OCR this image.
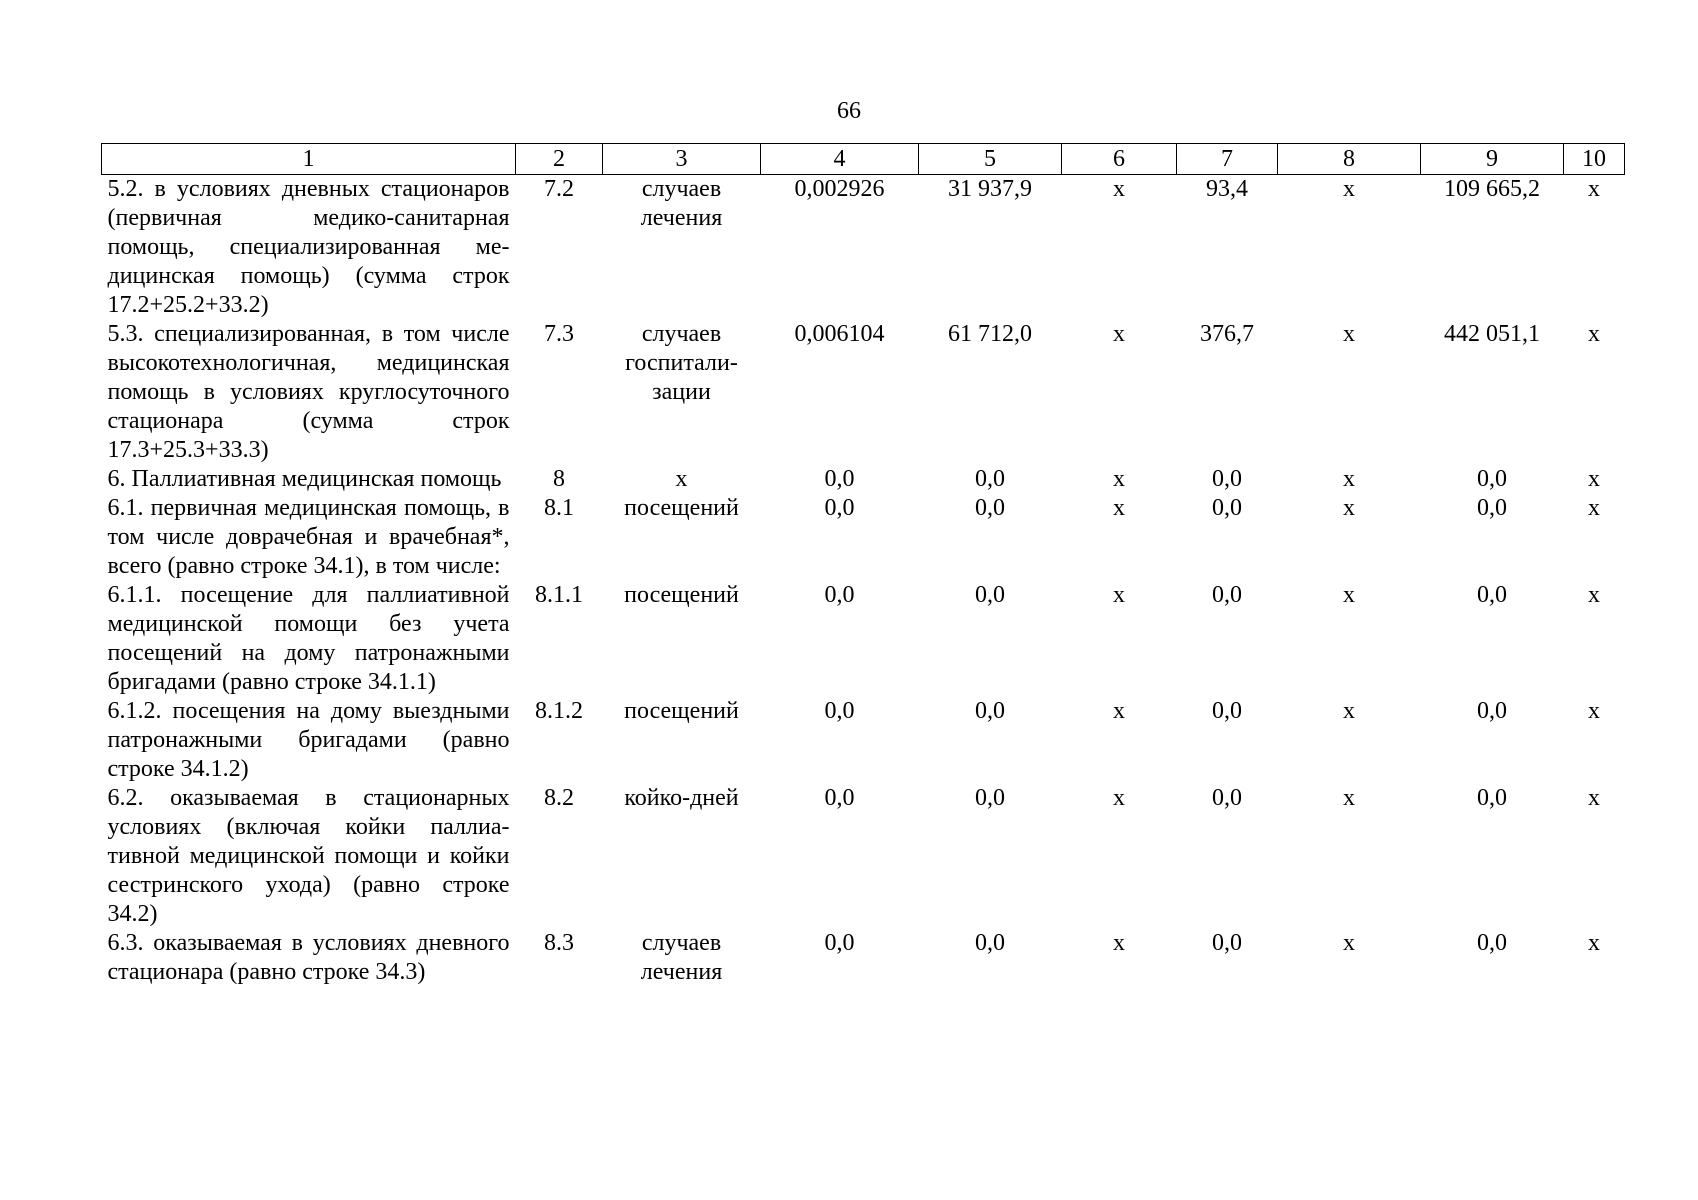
66
1	2	3	4	5	6	7	8	9	10
5.2. в условиях дневных стационаров (первичная медико-санитарная помощь, специализированная медицинская помощь) (сумма строк 17.2+25.2+33.2)	7.2	случаев лечения	0,002926	31 937,9	х	93,4	х	109 665,2	х
5.3. специализированная, в том числе высокотехнологичная, медицинская помощь в условиях круглосуточного стационара (сумма строк 17.3+25.3+33.3)	7.3	случаев госпитализации	0,006104	61 712,0	х	376,7	х	442 051,1	х
6. Паллиативная медицинская помощь	8	х	0,0	0,0	х	0,0	х	0,0	х
6.1. первичная медицинская помощь, в том числе доврачебная и врачебная*, всего (равно строке 34.1), в том числе:	8.1	посещений	0,0	0,0	х	0,0	х	0,0	х
6.1.1. посещение для паллиативной медицинской помощи без учета посещений на дому патронажными бригадами (равно строке 34.1.1)	8.1.1	посещений	0,0	0,0	х	0,0	х	0,0	х
6.1.2. посещения на дому выездными патронажными бригадами (равно строке 34.1.2)	8.1.2	посещений	0,0	0,0	х	0,0	х	0,0	х
6.2. оказываемая в стационарных условиях (включая койки паллиативной медицинской помощи и койки сестринского ухода) (равно строке 34.2)	8.2	койко-дней	0,0	0,0	х	0,0	х	0,0	х
6.3. оказываемая в условиях дневного стационара (равно строке 34.3)	8.3	случаев лечения	0,0	0,0	х	0,0	х	0,0	х
